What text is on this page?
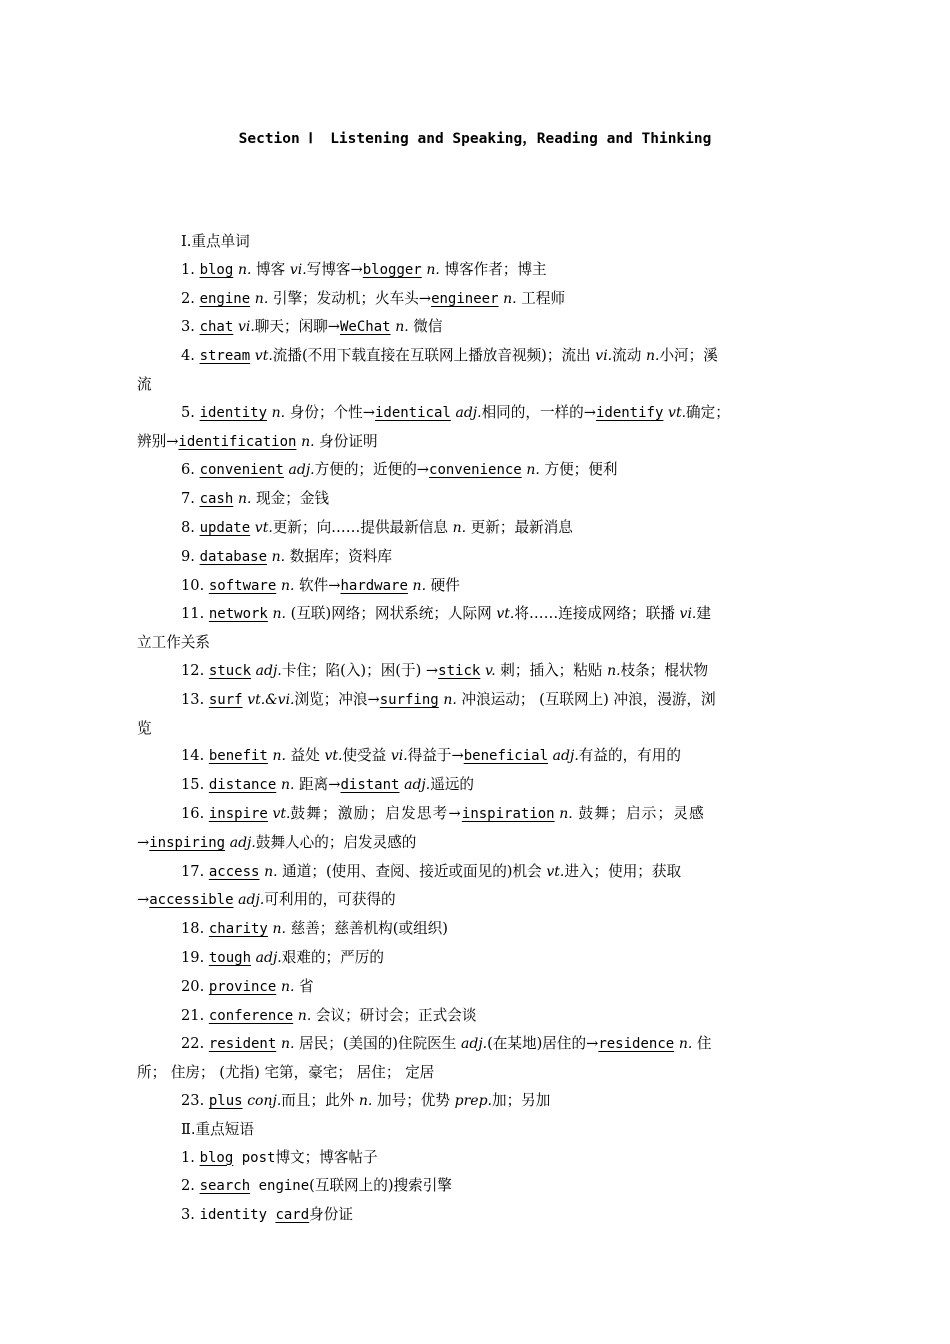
Section Ⅰ  Listening and Speaking，Reading and Thinking
Ⅰ.重点单词
1. blog n. 博客 vi.写博客→blogger n. 博客作者；博主
2. engine n. 引擎；发动机；火车头→engineer n. 工程师
3. chat vi.聊天；闲聊→WeChat n. 微信
4. stream vt.流播(不用下载直接在互联网上播放音视频)；流出 vi.流动 n.小河；溪
流
5. identity n. 身份；个性→identical adj.相同的，一样的→identify vt.确定；
辨别→identification n. 身份证明
6. convenient adj.方便的；近便的→convenience n. 方便；便利
7. cash n. 现金；金钱
8. update vt.更新；向……提供最新信息 n. 更新；最新消息
9. database n. 数据库；资料库
10. software n. 软件→hardware n. 硬件
11. network n. (互联)网络；网状系统；人际网 vt.将……连接成网络；联播 vi.建
立工作关系
12. stuck adj.卡住；陷(入)；困(于) →stick v. 刺；插入；粘贴 n.枝条；棍状物
13. surf vt.&vi.浏览；冲浪→surfing n. 冲浪运动； (互联网上) 冲浪，漫游，浏
览
14. benefit n. 益处 vt.使受益 vi.得益于→beneficial adj.有益的，有用的
15. distance n. 距离→distant adj.遥远的
16. inspire vt.鼓舞；激励；启发思考→inspiration n. 鼓舞；启示；灵感
→inspiring adj.鼓舞人心的；启发灵感的
17. access n. 通道；(使用、查阅、接近或面见的)机会 vt.进入；使用；获取
→accessible adj.可利用的，可获得的
18. charity n. 慈善；慈善机构(或组织)
19. tough adj.艰难的；严厉的
20. province n. 省
21. conference n. 会议；研讨会；正式会谈
22. resident n. 居民；(美国的)住院医生 adj.(在某地)居住的→residence n. 住
所； 住房； (尤指) 宅第，豪宅； 居住； 定居
23. plus conj.而且；此外 n. 加号；优势 prep.加；另加
Ⅱ.重点短语
1. blog post博文；博客帖子
2. search engine(互联网上的)搜索引擎
3. identity card身份证
